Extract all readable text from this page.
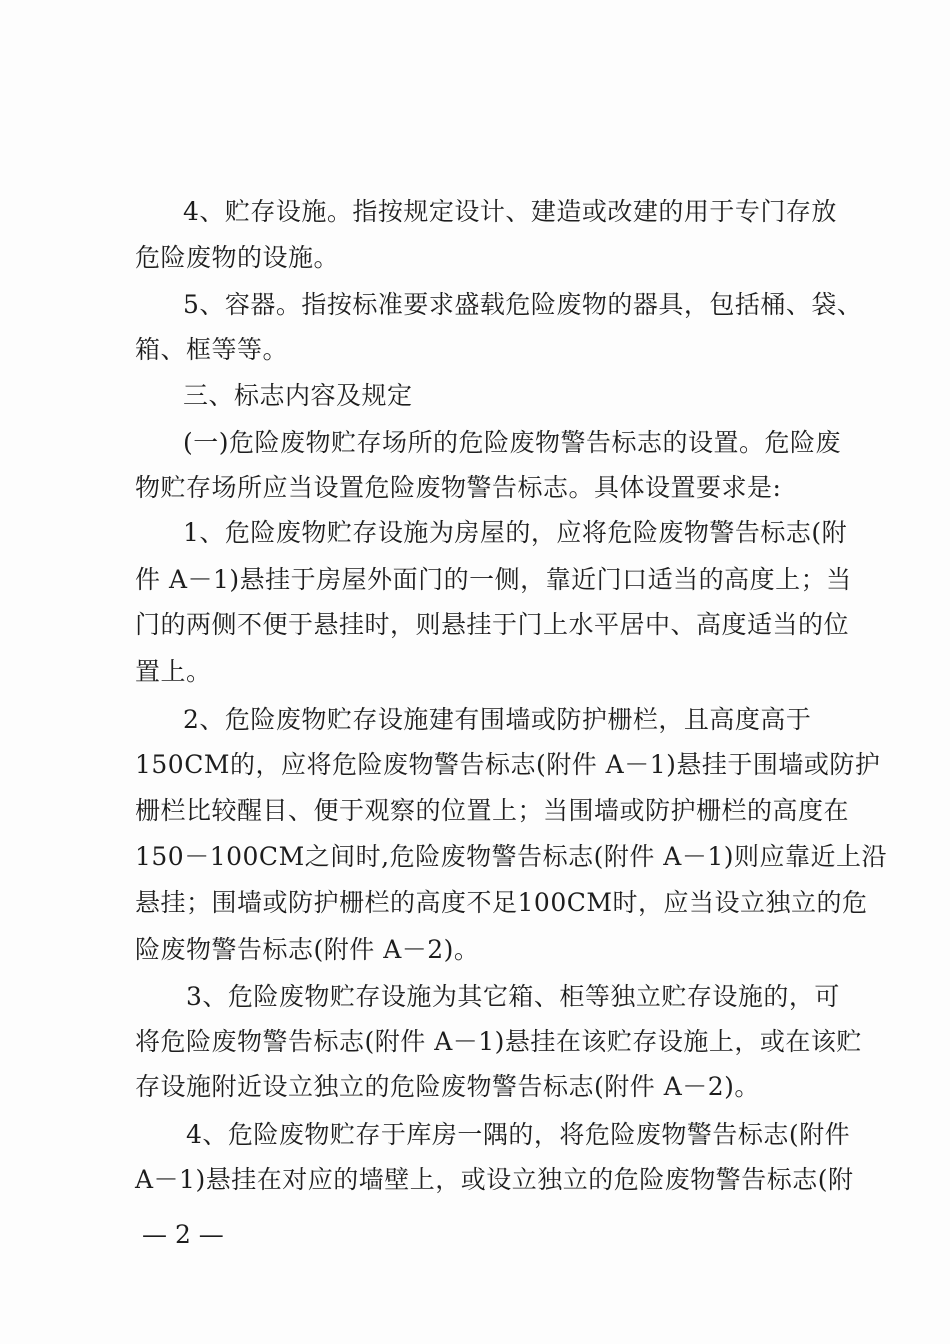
4、贮存设施。指按规定设计、建造或改建的用于专门存放
危险废物的设施。
5、容器。指按标准要求盛载危险废物的器具，包括桶、袋、
箱、框等等。
三、标志内容及规定
(一)危险废物贮存场所的危险废物警告标志的设置。危险废
物贮存场所应当设置危险废物警告标志。具体设置要求是:
1、危险废物贮存设施为房屋的，应将危险废物警告标志(附
件 A－1)悬挂于房屋外面门的一侧，靠近门口适当的高度上；当
门的两侧不便于悬挂时，则悬挂于门上水平居中、高度适当的位
置上。
2、危险废物贮存设施建有围墙或防护栅栏，且高度高于
150CM的，应将危险废物警告标志(附件 A－1)悬挂于围墙或防护
栅栏比较醒目、便于观察的位置上；当围墙或防护栅栏的高度在
150－100CM之间时,危险废物警告标志(附件 A－1)则应靠近上沿
悬挂；围墙或防护栅栏的高度不足100CM时，应当设立独立的危
险废物警告标志(附件 A－2)。
3、危险废物贮存设施为其它箱、柜等独立贮存设施的，可
将危险废物警告标志(附件 A－1)悬挂在该贮存设施上，或在该贮
存设施附近设立独立的危险废物警告标志(附件 A－2)。
4、危险废物贮存于库房一隅的，将危险废物警告标志(附件
A－1)悬挂在对应的墙壁上，或设立独立的危险废物警告标志(附
— 2 —
